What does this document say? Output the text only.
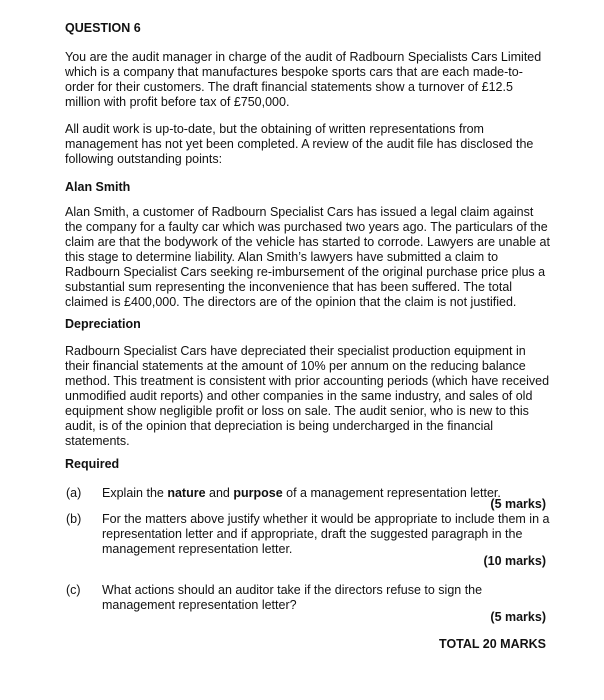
QUESTION 6

You are the audit manager in charge of the audit of Radbourn Specialists Cars Limited which is a company that manufactures bespoke sports cars that are each made-to-order for their customers. The draft financial statements show a turnover of £12.5 million with profit before tax of £750,000.

All audit work is up-to-date, but the obtaining of written representations from management has not yet been completed. A review of the audit file has disclosed the following outstanding points:

Alan Smith

Alan Smith, a customer of Radbourn Specialist Cars has issued a legal claim against the company for a faulty car which was purchased two years ago. The particulars of the claim are that the bodywork of the vehicle has started to corrode. Lawyers are unable at this stage to determine liability. Alan Smith’s lawyers have submitted a claim to Radbourn Specialist Cars seeking re-imbursement of the original purchase price plus a substantial sum representing the inconvenience that has been suffered. The total claimed is £400,000. The directors are of the opinion that the claim is not justified.

Depreciation

Radbourn Specialist Cars have depreciated their specialist production equipment in their financial statements at the amount of 10% per annum on the reducing balance method. This treatment is consistent with prior accounting periods (which have received unmodified audit reports) and other companies in the same industry, and sales of old equipment show negligible profit or loss on sale. The audit senior, who is new to this audit, is of the opinion that depreciation is being undercharged in the financial statements.

Required
(a) Explain the nature and purpose of a management representation letter.

(5 marks)
(b) For the matters above justify whether it would be appropriate to include them in a representation letter and if appropriate, draft the suggested paragraph in the management representation letter.

(10 marks)
(c) What actions should an auditor take if the directors refuse to sign the management representation letter?

(5 marks)
TOTAL 20 MARKS
